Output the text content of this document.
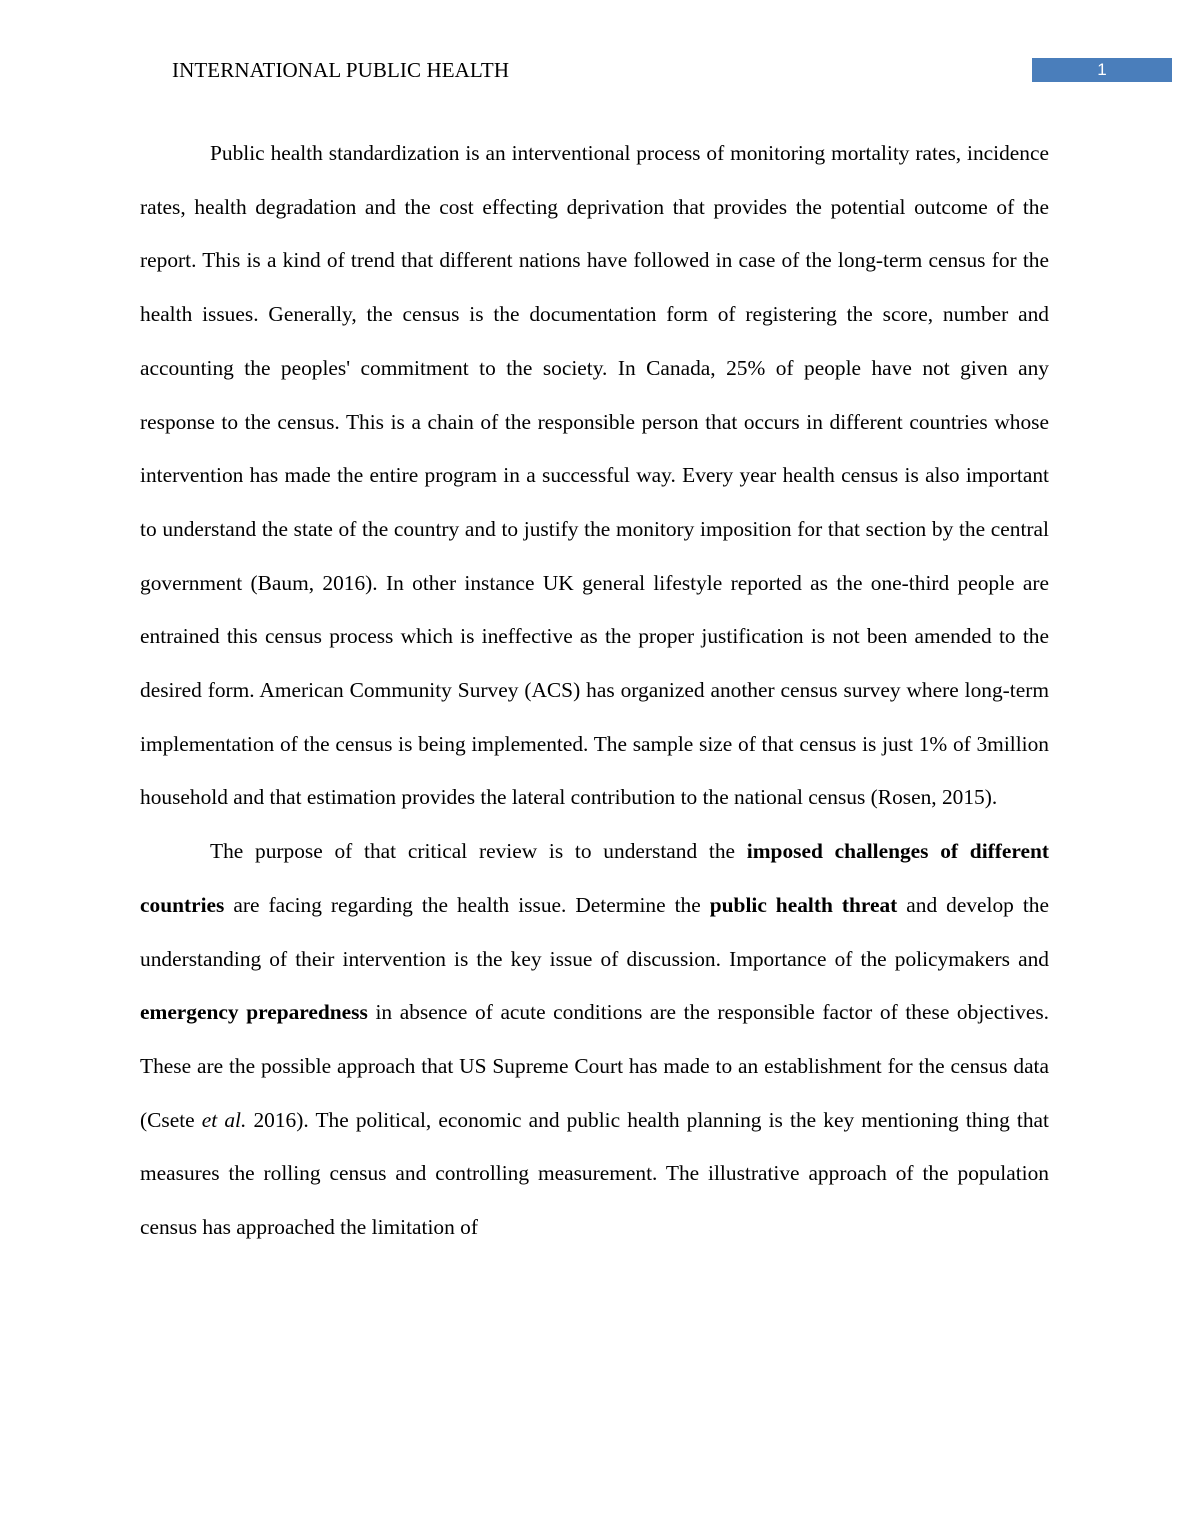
INTERNATIONAL PUBLIC HEALTH	1

Public health standardization is an interventional process of monitoring mortality rates, incidence rates, health degradation and the cost effecting deprivation that provides the potential outcome of the report. This is a kind of trend that different nations have followed in case of the long-term census for the health issues. Generally, the census is the documentation form of registering the score, number and accounting the peoples' commitment to the society. In Canada, 25% of people have not given any response to the census. This is a chain of the responsible person that occurs in different countries whose intervention has made the entire program in a successful way. Every year health census is also important to understand the state of the country and to justify the monitory imposition for that section by the central government (Baum, 2016). In other instance UK general lifestyle reported as the one-third people are entrained this census process which is ineffective as the proper justification is not been amended to the desired form. American Community Survey (ACS) has organized another census survey where long-term implementation of the census is being implemented. The sample size of that census is just 1% of 3million household and that estimation provides the lateral contribution to the national census (Rosen, 2015).

The purpose of that critical review is to understand the imposed challenges of different countries are facing regarding the health issue. Determine the public health threat and develop the understanding of their intervention is the key issue of discussion. Importance of the policymakers and emergency preparedness in absence of acute conditions are the responsible factor of these objectives. These are the possible approach that US Supreme Court has made to an establishment for the census data (Csete et al. 2016). The political, economic and public health planning is the key mentioning thing that measures the rolling census and controlling measurement. The illustrative approach of the population census has approached the limitation of
